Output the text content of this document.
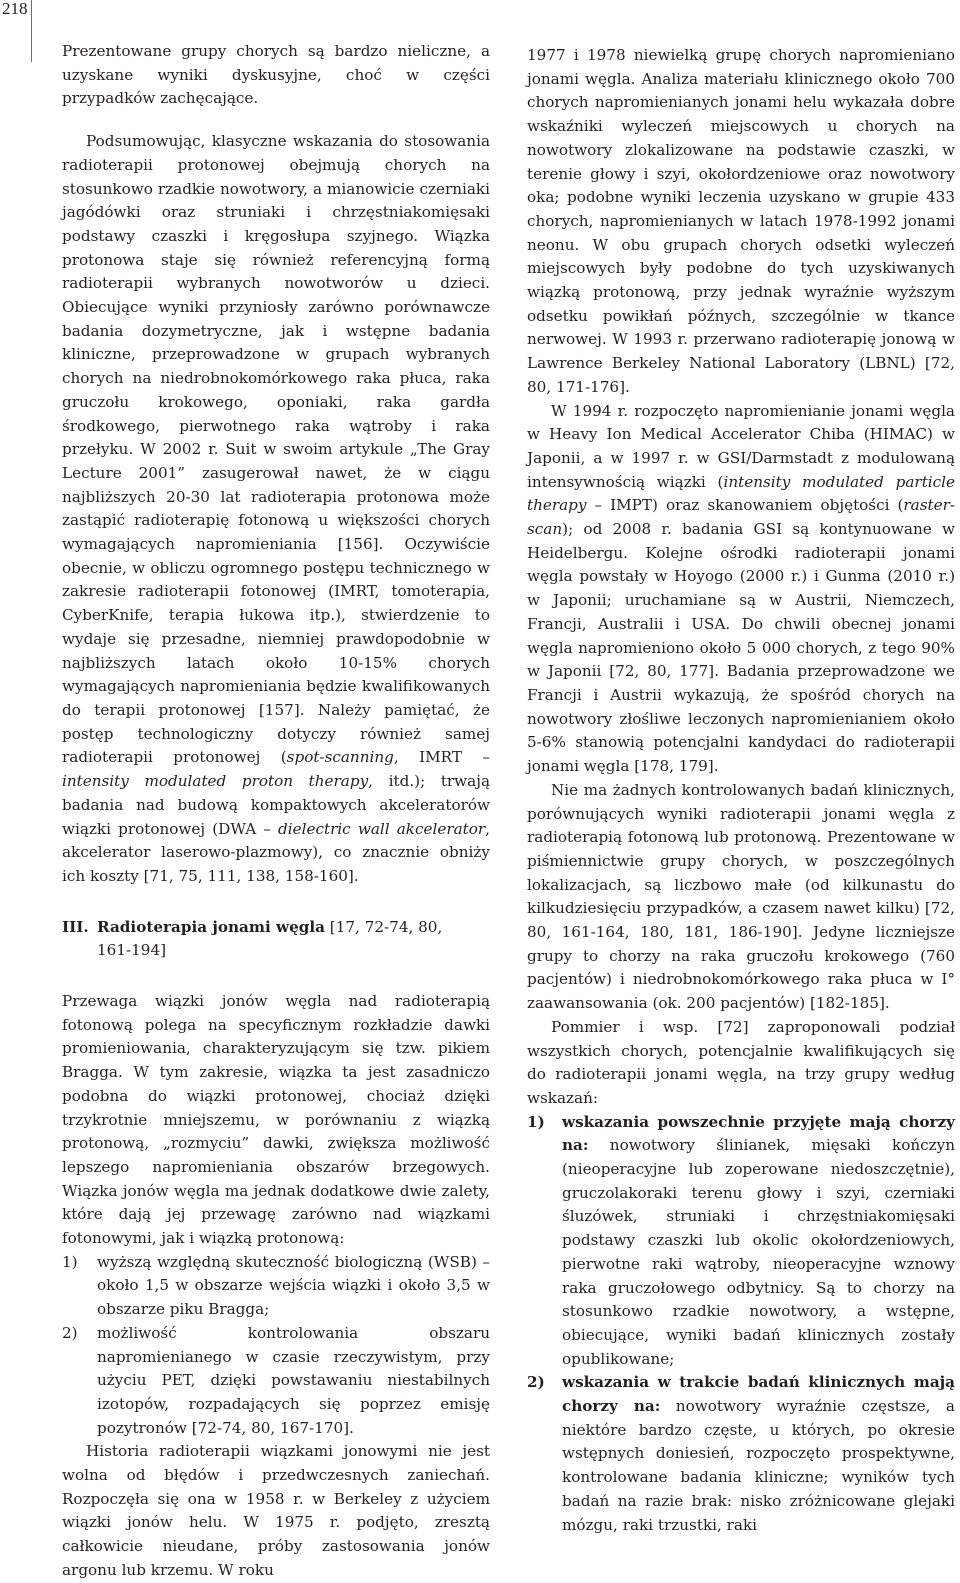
218

Prezentowane grupy chorych są bardzo nieliczne, a uzyskane wyniki dyskusyjne, choć w części przypadków zachęcające.

Podsumowując, klasyczne wskazania do stosowania radioterapii protonowej obejmują chorych na stosunkowo rzadkie nowotwory, a mianowicie czerniaki jagódówki oraz struniaki i chrzęstniakomięsaki podstawy czaszki i kręgosłupa szyjnego. Wiązka protonowa staje się również referencyjną formą radioterapii wybranych nowotworów u dzieci. Obiecujące wyniki przyniosły zarówno porównawcze badania dozymetryczne, jak i wstępne badania kliniczne, przeprowadzone w grupach wybranych chorych na niedrobnokomórkowego raka płuca, raka gruczołu krokowego, oponiaki, raka gardła środkowego, pierwotnego raka wątroby i raka przełyku. W 2002 r. Suit w swoim artykule „The Gray Lecture 2001” zasugerował nawet, że w ciągu najbliższych 20-30 lat radioterapia protonowa może zastąpić radioterapię fotonową u większości chorych wymagających napromieniania [156]. Oczywiście obecnie, w obliczu ogromnego postępu technicznego w zakresie radioterapii fotonowej (IMRT, tomoterapia, CyberKnife, terapia łukowa itp.), stwierdzenie to wydaje się przesadne, niemniej prawdopodobnie w najbliższych latach około 10-15% chorych wymagających napromieniania będzie kwalifikowanych do terapii protonowej [157]. Należy pamiętać, że postęp technologiczny dotyczy również samej radioterapii protonowej (spot-scanning, IMRT – intensity modulated proton therapy, itd.); trwają badania nad budową kompaktowych akceleratorów wiązki protonowej (DWA – dielectric wall akcelerator, akcelerator laserowo-plazmowy), co znacznie obniży ich koszty [71, 75, 111, 138, 158-160].

III. Radioterapia jonami węgla [17, 72-74, 80,
161-194]

Przewaga wiązki jonów węgla nad radioterapią fotonową polega na specyficznym rozkładzie dawki promieniowania, charakteryzującym się tzw. pikiem Bragga. W tym zakresie, wiązka ta jest zasadniczo podobna do wiązki protonowej, chociaż dzięki trzykrotnie mniejszemu, w porównaniu z wiązką protonową, „rozmyciu” dawki, zwiększa możliwość lepszego napromieniania obszarów brzegowych. Wiązka jonów węgla ma jednak dodatkowe dwie zalety, które dają jej przewagę zarówno nad wiązkami fotonowymi, jak i wiązką protonową:

1) wyższą względną skuteczność biologiczną (WSB) – około 1,5 w obszarze wejścia wiązki i około 3,5 w obszarze piku Bragga;
2) możliwość kontrolowania obszaru napromienianego w czasie rzeczywistym, przy użyciu PET, dzięki powstawaniu niestabilnych izotopów, rozpadających się poprzez emisję pozytronów [72-74, 80, 167-170].

Historia radioterapii wiązkami jonowymi nie jest wolna od błędów i przedwczesnych zaniechań. Rozpoczęła się ona w 1958 r. w Berkeley z użyciem wiązki jonów helu. W 1975 r. podjęto, zresztą całkowicie nieudane, próby zastosowania jonów argonu lub krzemu. W roku

1977 i 1978 niewielką grupę chorych napromieniano jonami węgla. Analiza materiału klinicznego około 700 chorych napromienianych jonami helu wykazała dobre wskaźniki wyleczeń miejscowych u chorych na nowotwory zlokalizowane na podstawie czaszki, w terenie głowy i szyi, okołordzeniowe oraz nowotwory oka; podobne wyniki leczenia uzyskano w grupie 433 chorych, napromienianych w latach 1978-1992 jonami neonu. W obu grupach chorych odsetki wyleczeń miejscowych były podobne do tych uzyskiwanych wiązką protonową, przy jednak wyraźnie wyższym odsetku powikłań późnych, szczególnie w tkance nerwowej. W 1993 r. przerwano radioterapię jonową w Lawrence Berkeley National Laboratory (LBNL) [72, 80, 171-176].

W 1994 r. rozpoczęto napromienianie jonami węgla w Heavy Ion Medical Accelerator Chiba (HIMAC) w Japonii, a w 1997 r. w GSI/Darmstadt z modulowaną intensywnością wiązki (intensity modulated particle therapy – IMPT) oraz skanowaniem objętości (raster-scan); od 2008 r. badania GSI są kontynuowane w Heidelbergu. Kolejne ośrodki radioterapii jonami węgla powstały w Hoyogo (2000 r.) i Gunma (2010 r.) w Japonii; uruchamiane są w Austrii, Niemczech, Francji, Australii i USA. Do chwili obecnej jonami węgla napromieniono około 5 000 chorych, z tego 90% w Japonii [72, 80, 177]. Badania przeprowadzone we Francji i Austrii wykazują, że spośród chorych na nowotwory złośliwe leczonych napromienianiem około 5-6% stanowią potencjalni kandydaci do radioterapii jonami węgla [178, 179].

Nie ma żadnych kontrolowanych badań klinicznych, porównujących wyniki radioterapii jonami węgla z radioterapią fotonową lub protonową. Prezentowane w piśmiennictwie grupy chorych, w poszczególnych lokalizacjach, są liczbowo małe (od kilkunastu do kilkudziesięciu przypadków, a czasem nawet kilku) [72, 80, 161-164, 180, 181, 186-190]. Jedyne liczniejsze grupy to chorzy na raka gruczołu krokowego (760 pacjentów) i niedrobnokomórkowego raka płuca w I° zaawansowania (ok. 200 pacjentów) [182-185].

Pommier i wsp. [72] zaproponowali podział wszystkich chorych, potencjalnie kwalifikujących się do radioterapii jonami węgla, na trzy grupy według wskazań:

1) wskazania powszechnie przyjęte mają chorzy na: nowotwory ślinianek, mięsaki kończyn (nieoperacyjne lub zoperowane niedoszczętnie), gruczolakoraki terenu głowy i szyi, czerniaki śluzówek, struniaki i chrzęstniakomięsaki podstawy czaszki lub okolic okołordzeniowych, pierwotne raki wątroby, nieoperacyjne wznowy raka gruczołowego odbytnicy. Są to chorzy na stosunkowo rzadkie nowotwory, a wstępne, obiecujące, wyniki badań klinicznych zostały opublikowane;
2) wskazania w trakcie badań klinicznych mają chorzy na: nowotwory wyraźnie częstsze, a niektóre bardzo częste, u których, po okresie wstępnych doniesień, rozpoczęto prospektywne, kontrolowane badania kliniczne; wyników tych badań na razie brak: nisko zróżnicowane glejaki mózgu, raki trzustki, raki
